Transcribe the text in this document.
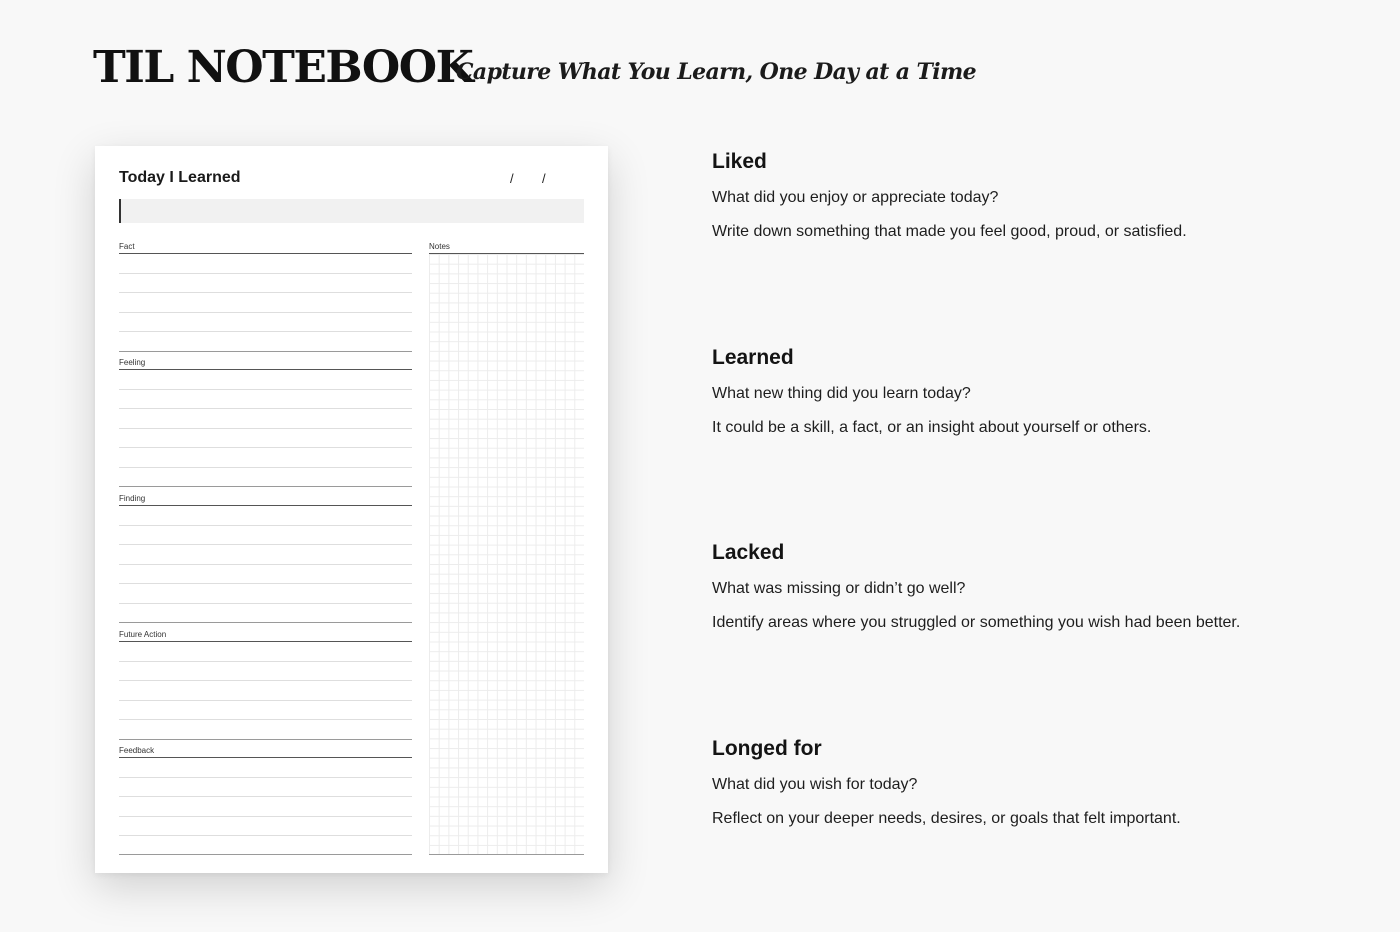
TIL NOTEBOOK
Capture What You Learn, One Day at a Time
Today I Learned	/ /
Fact
Feeling
Finding
Future Action
Feedback
Notes
Liked
What did you enjoy or appreciate today?
Write down something that made you feel good, proud, or satisfied.
Learned
What new thing did you learn today?
It could be a skill, a fact, or an insight about yourself or others.
Lacked
What was missing or didn’t go well?
Identify areas where you struggled or something you wish had been better.
Longed for
What did you wish for today?
Reflect on your deeper needs, desires, or goals that felt important.
